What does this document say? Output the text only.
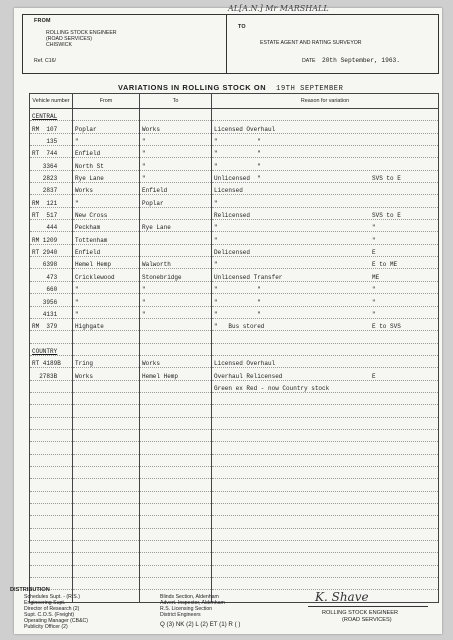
FROM
ROLLING STOCK ENGINEER
(ROAD SERVICES)
CHISWICK
Ref. C16/
TO
ESTATE AGENT AND RATING SURVEYOR
DATE 20th September, 1963.
AL[A.N.] Mr MARSHALL
VARIATIONS IN ROLLING STOCK ON 19TH SEPTEMBER
Vehicle number	From	To	Reason for variation
CENTRAL			

RM  107	Poplar	Works	Licensed Overhaul

135	"	"	"           "

RT  744	Enfield	"	"           "

3364	North St	"	"           "

2823	Rye Lane	"	Unlicensed  " SVS to E

2837	Works	Enfield	Licensed

RM  121	"	Poplar	"

RT  517	New Cross		Relicensed SVS to E

444	Peckham	Rye Lane	" "

RM 1209	Tottenham		" "

RT 2940	Enfield		Delicensed E

6398	Hemel Hemp	Walworth	" E to ME

473	Cricklewood	Stonebridge	Unlicensed Transfer ME

660	"	"	"           " "

3956	"	"	"           " "

4131	"	"	"           " "

RM  379	Highgate		"   Bus stored E to SVS

COUNTRY			

RT 4189B	Tring	Works	Licensed Overhaul

2783B	Works	Hemel Hemp	Overhaul Relicensed E

			Green ex Red - now Country stock

DISTRIBUTION
Schedules Supt. - (R.S.)
Engineering Supt.
Director of Research (2)
Supt. C.O.S. (Freight)
Operating Manager (CB&C)
Publicity Officer (2)
Blinds Section, Aldenham
Advert. Inspector, Aldenham
R.S. Licensing Section
District Engineers
Q (3) NK (2) L (2) ET (1) R ( )
K. Shave
ROLLING STOCK ENGINEER
(ROAD SERVICES)
